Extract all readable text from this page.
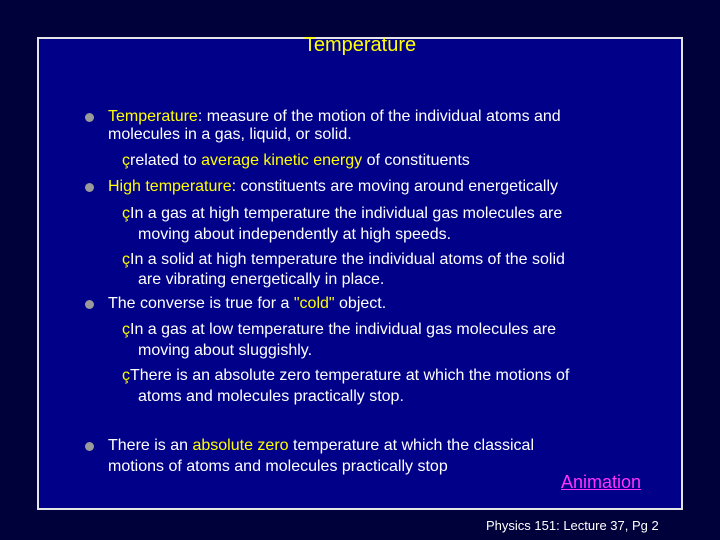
Temperature
Temperature: measure of the motion of the individual atoms and
molecules in a gas, liquid, or solid.
çrelated to average kinetic energy of constituents
High temperature: constituents are moving around energetically
çIn a gas at high temperature the individual gas molecules are
moving about independently at high speeds.
çIn a solid at high temperature the individual atoms of the solid
are vibrating energetically in place.
The converse is true for a "cold" object.
çIn a gas at low temperature the individual gas molecules are
moving about sluggishly.
çThere is an absolute zero temperature at which the motions of
atoms and molecules practically stop.
There is an absolute zero temperature at which the classical
motions of atoms and molecules practically stop
Animation
Physics 151: Lecture 37, Pg 2
